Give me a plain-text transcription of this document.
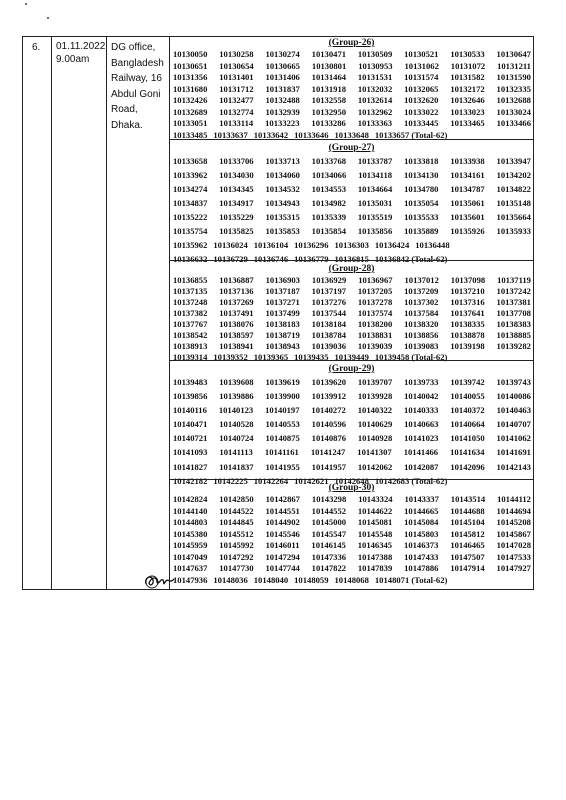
6. 01.11.2022
9.00am
DG office,
Bangladesh
Railway, 16
Abdul Goni
Road,
Dhaka.
(Group-26)
10130050 10130258 10130274 10130471 10130509 10130521 10130533 10130647
10130651 10130654 10130665 10130801 10130953 10131062 10131072 10131211
10131356 10131401 10131406 10131464 10131531 10131574 10131582 10131590
10131680 10131712 10131837 10131918 10132032 10132065 10132172 10132335
10132426 10132477 10132488 10132558 10132614 10132620 10132646 10132688
10132689 10132774 10132939 10132950 10132962 10133022 10133023 10133024
10133051 10133114 10133223 10133286 10133363 10133445 10133465 10133466
10133485 10133637 10133642 10133646 10133648 10133657 (Total-62)
(Group-27)
10133658 10133706 10133713 10133768 10133787 10133818 10133938 10133947
10133962 10134030 10134060 10134066 10134118 10134130 10134161 10134202
10134274 10134345 10134532 10134553 10134664 10134780 10134787 10134822
10134837 10134917 10134943 10134982 10135031 10135054 10135061 10135148
10135222 10135229 10135315 10135339 10135519 10135533 10135601 10135664
10135754 10135825 10135853 10135854 10135856 10135889 10135926 10135933
10135962 10136024 10136104 10136296 10136303 10136424 10136448
10136632 10136729 10136746 10136779 10136815 10136842 (Total-62)
(Group-28)
10136855 10136887 10136903 10136929 10136967 10137012 10137098 10137119
10137135 10137136 10137187 10137197 10137205 10137209 10137210 10137242
10137248 10137269 10137271 10137276 10137278 10137302 10137316 10137381
10137382 10137491 10137499 10137544 10137574 10137584 10137641 10137708
10137767 10138076 10138183 10138184 10138200 10138320 10138335 10138383
10138542 10138597 10138719 10138784 10138831 10138856 10138878 10138885
10138913 10138941 10138943 10139036 10139039 10139083 10139198 10139282
10139314 10139352 10139365 10139435 10139449 10139458 (Total-62)
(Group-29)
10139483 10139608 10139619 10139620 10139707 10139733 10139742 10139743
10139856 10139886 10139900 10139912 10139928 10140042 10140055 10140086
10140116 10140123 10140197 10140272 10140322 10140333 10140372 10140463
10140471 10140528 10140553 10140596 10140629 10140663 10140664 10140707
10140721 10140724 10140875 10140876 10140928 10141023 10141050 10141062
10141093 10141113 10141161 10141247 10141307 10141466 10141634 10141691
10141827 10141837 10141955 10141957 10142062 10142087 10142096 10142143
10142182 10142225 10142264 10142621 10142648 10142683 (Total-62)
(Group-30)
10142824 10142850 10142867 10143298 10143324 10143337 10143514 10144112
10144140 10144522 10144551 10144552 10144622 10144665 10144688 10144694
10144803 10144845 10144902 10145000 10145081 10145084 10145104 10145208
10145380 10145512 10145546 10145547 10145548 10145803 10145812 10145867
10145959 10145992 10146011 10146145 10146345 10146373 10146465 10147028
10147049 10147292 10147294 10147336 10147388 10147433 10147507 10147533
10147637 10147730 10147744 10147822 10147839 10147886 10147914 10147927
10147936 10148036 10148040 10148059 10148068 10148071 (Total-62)
